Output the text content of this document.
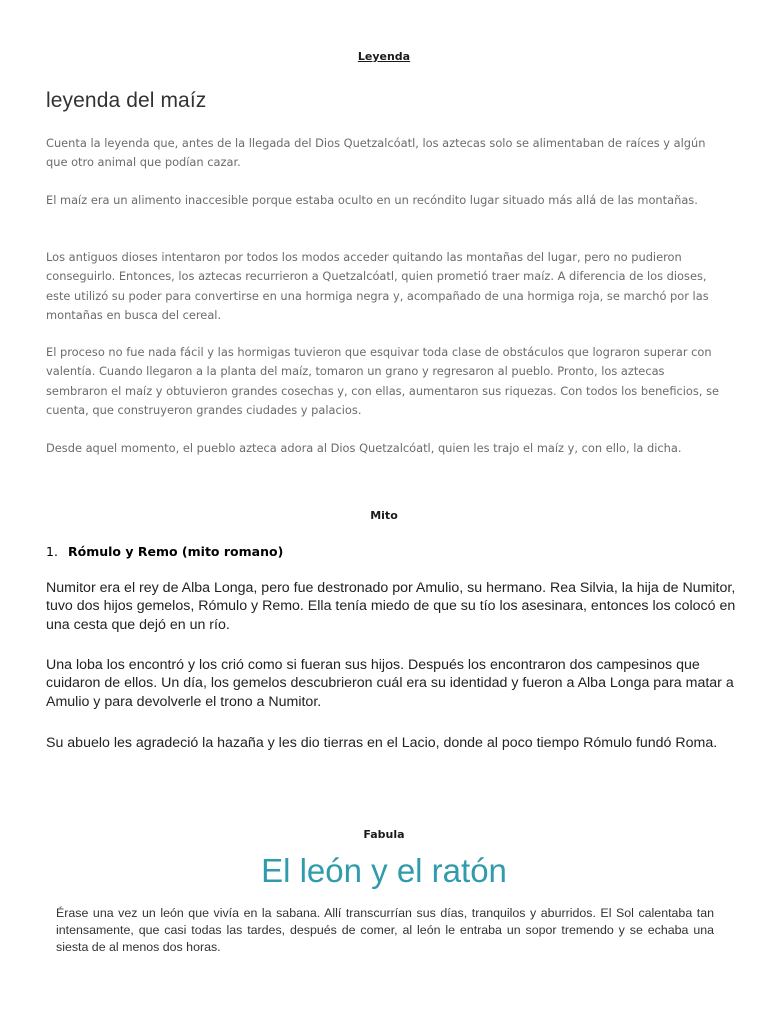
Leyenda

leyenda del maíz

Cuenta la leyenda que, antes de la llegada del Dios Quetzalcóatl, los aztecas solo se alimentaban de raíces y algún que otro animal que podían cazar.

El maíz era un alimento inaccesible porque estaba oculto en un recóndito lugar situado más allá de las montañas.

Los antiguos dioses intentaron por todos los modos acceder quitando las montañas del lugar, pero no pudieron conseguirlo. Entonces, los aztecas recurrieron a Quetzalcóatl, quien prometió traer maíz. A diferencia de los dioses, este utilizó su poder para convertirse en una hormiga negra y, acompañado de una hormiga roja, se marchó por las montañas en busca del cereal.

El proceso no fue nada fácil y las hormigas tuvieron que esquivar toda clase de obstáculos que lograron superar con valentía. Cuando llegaron a la planta del maíz, tomaron un grano y regresaron al pueblo. Pronto, los aztecas sembraron el maíz y obtuvieron grandes cosechas y, con ellas, aumentaron sus riquezas. Con todos los beneficios, se cuenta, que construyeron grandes ciudades y palacios.

Desde aquel momento, el pueblo azteca adora al Dios Quetzalcóatl, quien les trajo el maíz y, con ello, la dicha.

Mito

1. Rómulo y Remo (mito romano)

Numitor era el rey de Alba Longa, pero fue destronado por Amulio, su hermano. Rea Silvia, la hija de Numitor, tuvo dos hijos gemelos, Rómulo y Remo. Ella tenía miedo de que su tío los asesinara, entonces los colocó en una cesta que dejó en un río.

Una loba los encontró y los crió como si fueran sus hijos. Después los encontraron dos campesinos que cuidaron de ellos. Un día, los gemelos descubrieron cuál era su identidad y fueron a Alba Longa para matar a Amulio y para devolverle el trono a Numitor.

Su abuelo les agradeció la hazaña y les dio tierras en el Lacio, donde al poco tiempo Rómulo fundó Roma.

Fabula

El león y el ratón

Érase una vez un león que vivía en la sabana. Allí transcurrían sus días, tranquilos y aburridos. El Sol calentaba tan intensamente, que casi todas las tardes, después de comer, al león le entraba un sopor tremendo y se echaba una siesta de al menos dos horas.
